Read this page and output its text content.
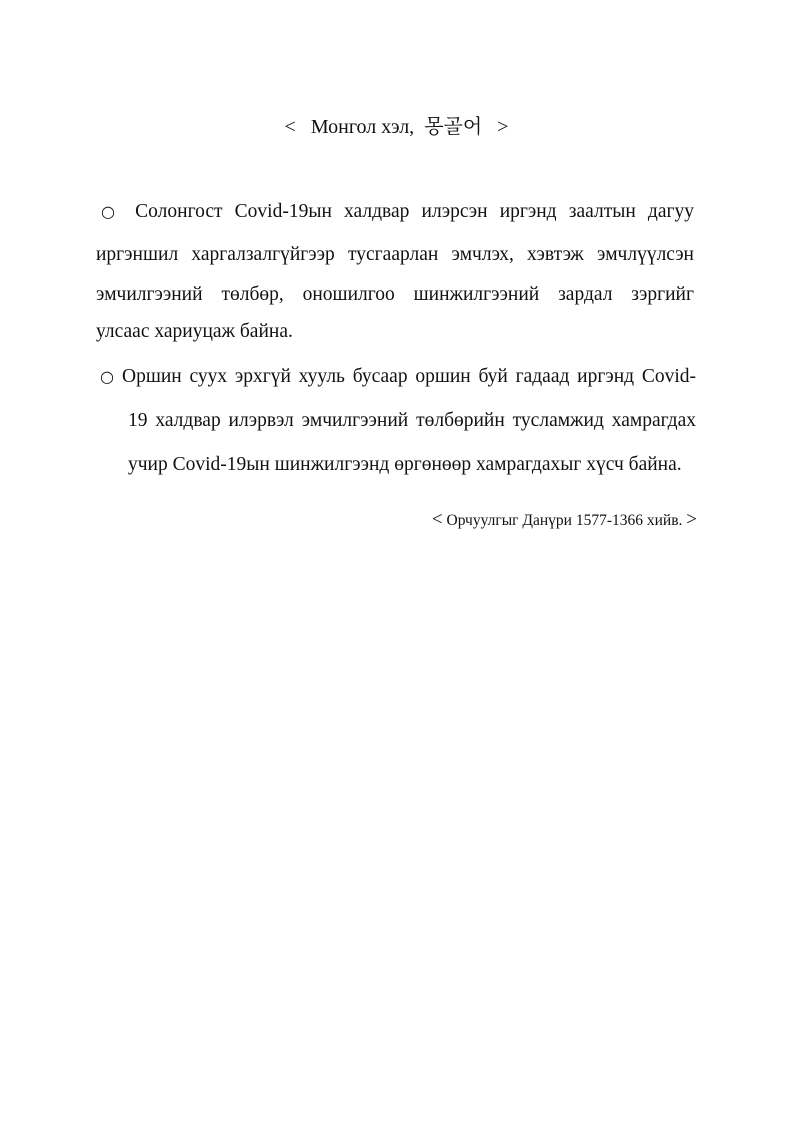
< Монгол хэл, 몽골어 >
○ Солонгост Covid-19ын халдвар илэрсэн иргэнд заалтын дагуу
иргэншил харгалзалгүйгээр тусгаарлан эмчлэх, хэвтэж эмчлүүлсэн
эмчилгээний төлбөр, оношилгоо шинжилгээний зардал зэргийг
улсаас хариуцаж байна.
○ Оршин суух эрхгүй хууль бусаар оршин буй гадаад иргэнд Covid-
19 халдвар илэрвэл эмчилгээний төлбөрийн тусламжид хамрагдах
учир Covid-19ын шинжилгээнд өргөнөөр хамрагдахыг хүсч байна.
< Орчуулгыг Данүри 1577-1366 хийв. >
